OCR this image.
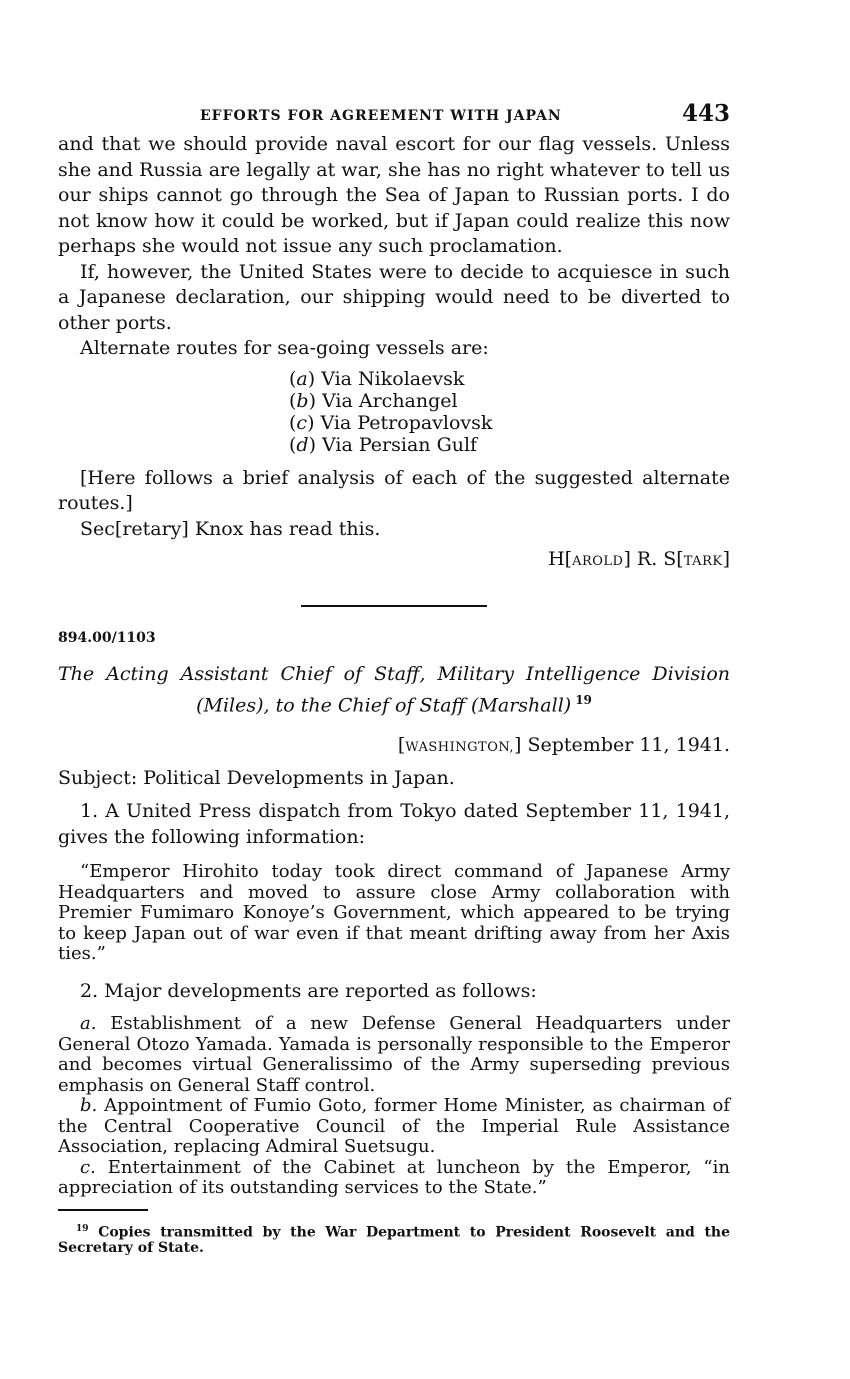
EFFORTS FOR AGREEMENT WITH JAPAN	443

and that we should provide naval escort for our flag vessels. Unless she and Russia are legally at war, she has no right whatever to tell us our ships cannot go through the Sea of Japan to Russian ports. I do not know how it could be worked, but if Japan could realize this now perhaps she would not issue any such proclamation.

If, however, the United States were to decide to acquiesce in such a Japanese declaration, our shipping would need to be diverted to other ports.

Alternate routes for sea-going vessels are:

(a) Via Nikolaevsk
(b) Via Archangel
(c) Via Petropavlovsk
(d) Via Persian Gulf

[Here follows a brief analysis of each of the suggested alternate routes.]

Sec[retary] Knox has read this.

H[AROLD] R. S[TARK]
894.00/1103
The Acting Assistant Chief of Staff, Military Intelligence Division (Miles), to the Chief of Staff (Marshall) $^{19}$
[WASHINGTON,] September 11, 1941.

Subject: Political Developments in Japan.

1. A United Press dispatch from Tokyo dated September 11, 1941, gives the following information:

“Emperor Hirohito today took direct command of Japanese Army Headquarters and moved to assure close Army collaboration with Premier Fumimaro Konoye’s Government, which appeared to be trying to keep Japan out of war even if that meant drifting away from her Axis ties.”

2. Major developments are reported as follows:

a. Establishment of a new Defense General Headquarters under General Otozo Yamada. Yamada is personally responsible to the Emperor and becomes virtual Generalissimo of the Army superseding previous emphasis on General Staff control.

b. Appointment of Fumio Goto, former Home Minister, as chairman of the Central Cooperative Council of the Imperial Rule Assistance Association, replacing Admiral Suetsugu.

c. Entertainment of the Cabinet at luncheon by the Emperor, “in appreciation of its outstanding services to the State.”

$^{19}$ Copies transmitted by the War Department to President Roosevelt and the Secretary of State.
